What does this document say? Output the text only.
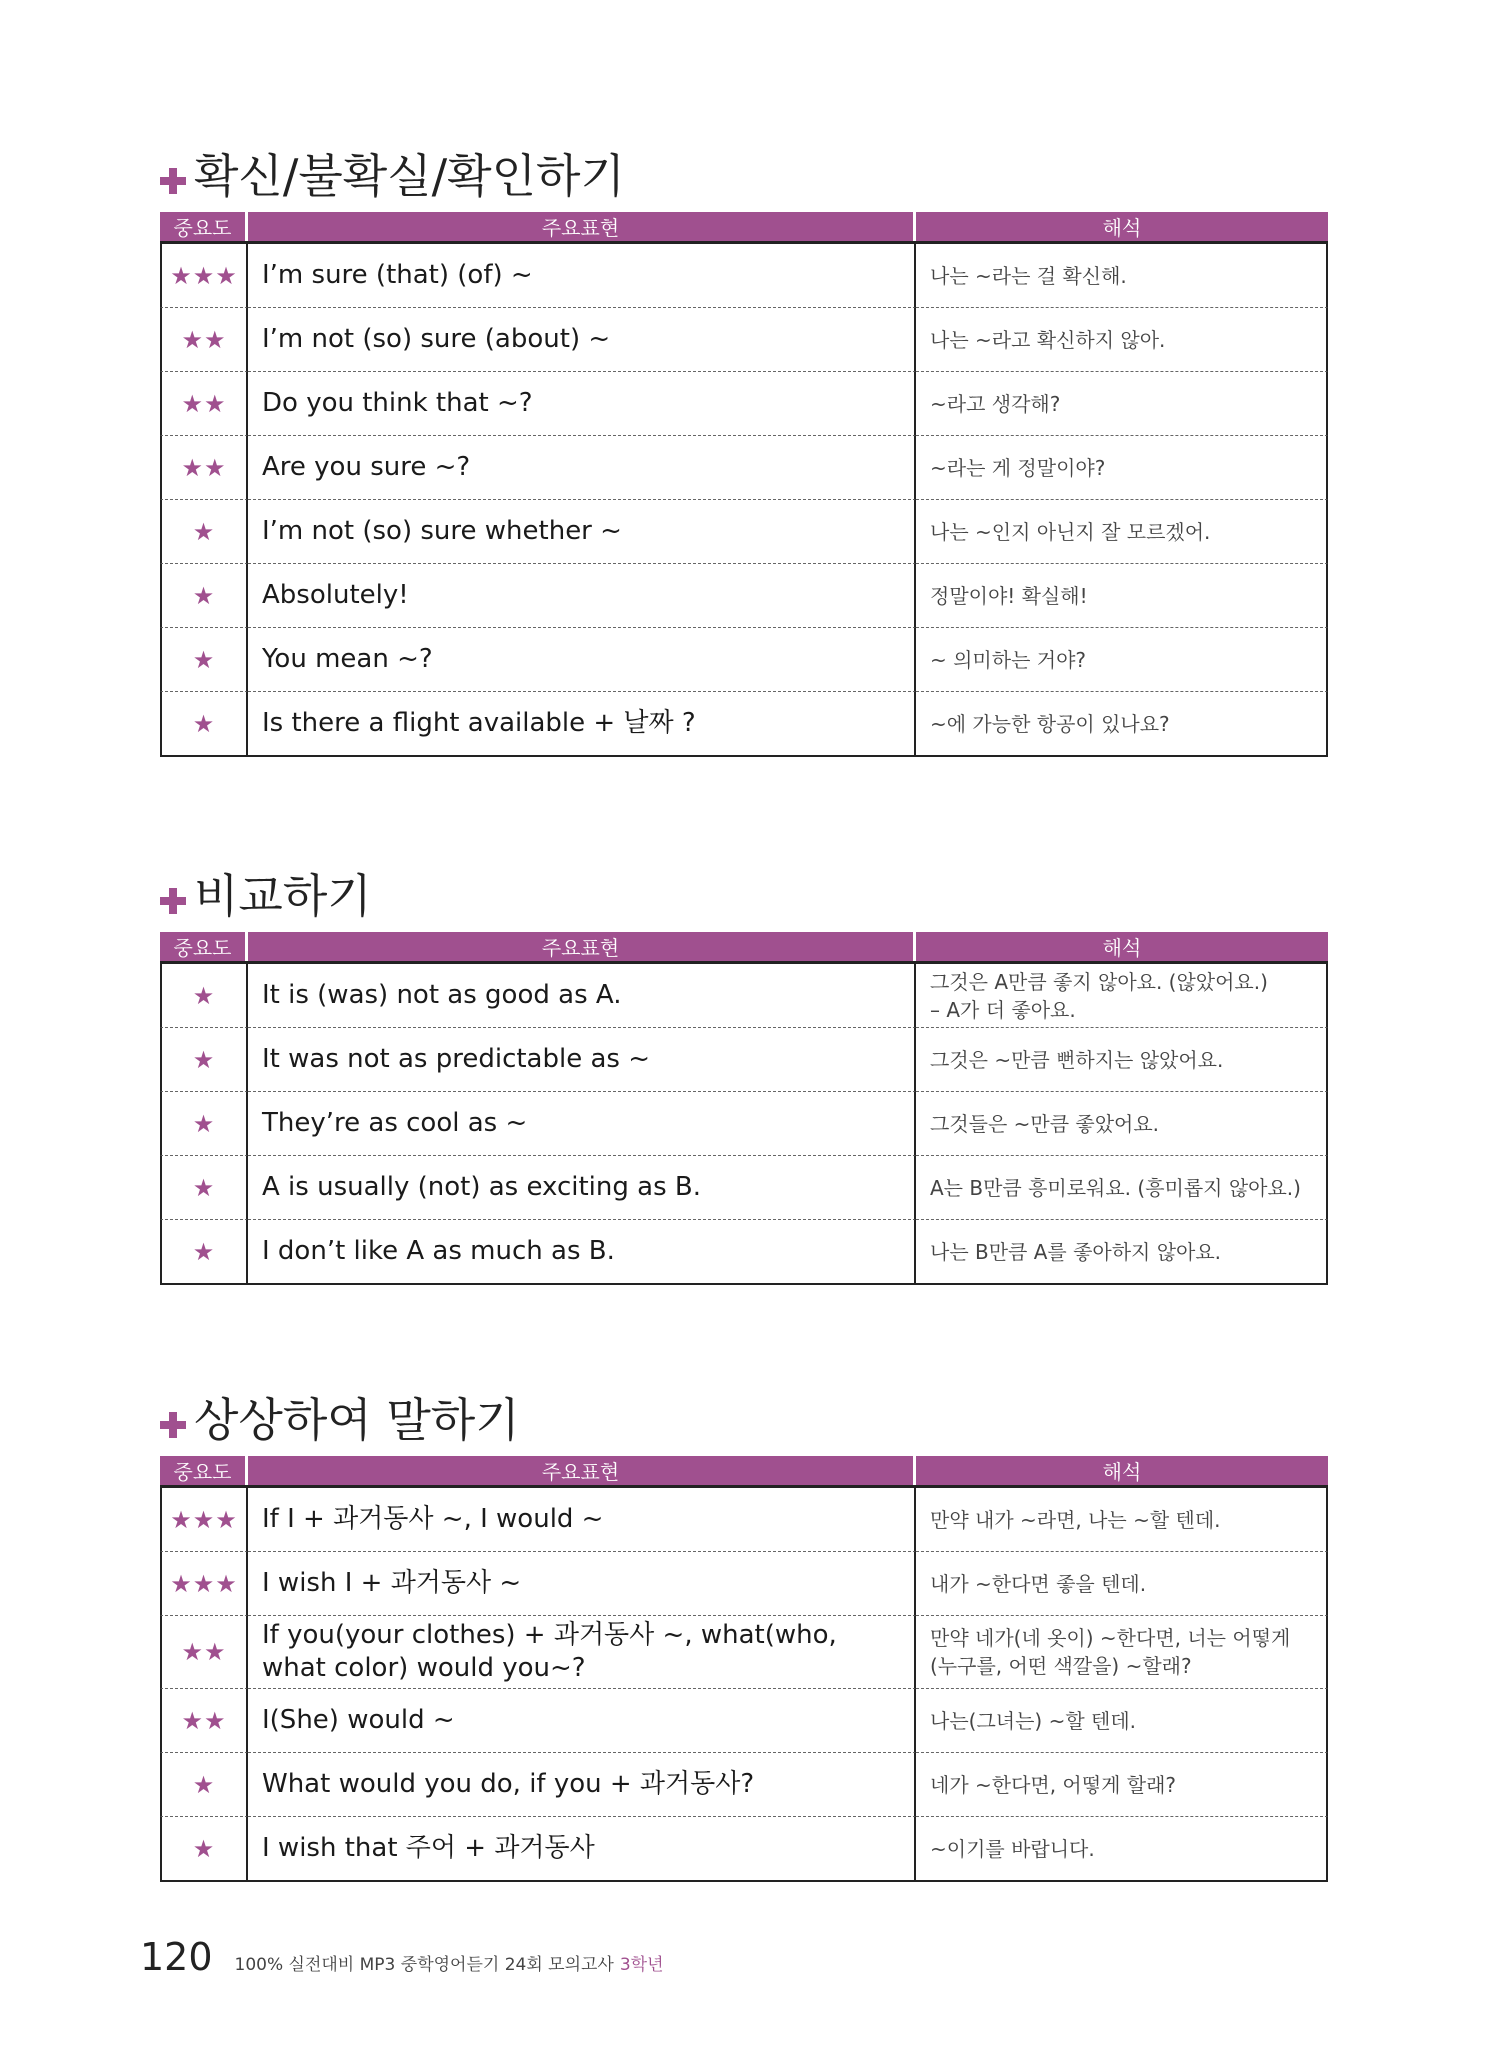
확신/불확실/확인하기
중요도	주요표현	해석
★★★	I’m sure (that) (of) ~	나는 ~라는 걸 확신해.
★★	I’m not (so) sure (about) ~	나는 ~라고 확신하지 않아.
★★	Do you think that ~?	~라고 생각해?
★★	Are you sure ~?	~라는 게 정말이야?
★	I’m not (so) sure whether ~	나는 ~인지 아닌지 잘 모르겠어.
★	Absolutely!	정말이야! 확실해!
★	You mean ~?	~ 의미하는 거야?
★	Is there a flight available + 날짜 ?	~에 가능한 항공이 있나요?
비교하기
중요도	주요표현	해석
★	It is (was) not as good as A.	그것은 A만큼 좋지 않아요. (않았어요.)
– A가 더 좋아요.
★	It was not as predictable as ~	그것은 ~만큼 뻔하지는 않았어요.
★	They’re as cool as ~	그것들은 ~만큼 좋았어요.
★	A is usually (not) as exciting as B.	A는 B만큼 흥미로워요. (흥미롭지 않아요.)
★	I don’t like A as much as B.	나는 B만큼 A를 좋아하지 않아요.
상상하여 말하기
중요도	주요표현	해석
★★★	If I + 과거동사 ~, I would ~	만약 내가 ~라면, 나는 ~할 텐데.
★★★	I wish I + 과거동사 ~	내가 ~한다면 좋을 텐데.
★★	If you(your clothes) + 과거동사 ~, what(who, what color) would you~?	만약 네가(네 옷이) ~한다면, 너는 어떻게 (누구를, 어떤 색깔을) ~할래?
★★	I(She) would ~	나는(그녀는) ~할 텐데.
★	What would you do, if you + 과거동사?	네가 ~한다면, 어떻게 할래?
★	I wish that 주어 + 과거동사	~이기를 바랍니다.
120 100% 실전대비 MP3 중학영어듣기 24회 모의고사 3학년
